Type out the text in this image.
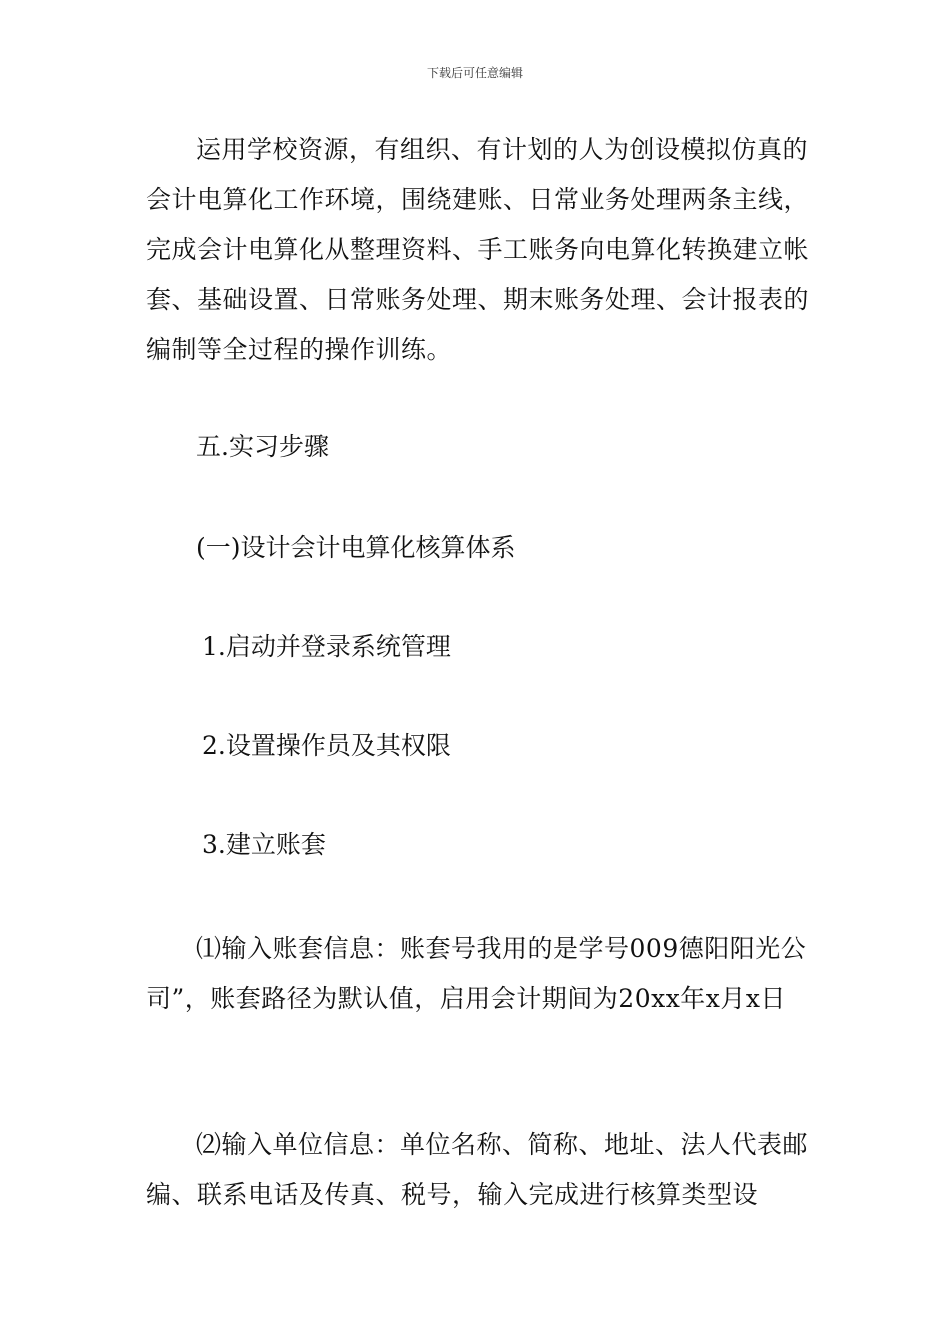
下载后可任意编辑

运用学校资源，有组织、有计划的人为创设模拟仿真的会计电算化工作环境，围绕建账、日常业务处理两条主线，完成会计电算化从整理资料、手工账务向电算化转换建立帐套、基础设置、日常账务处理、期末账务处理、会计报表的编制等全过程的操作训练。

五.实习步骤

(一)设计会计电算化核算体系

1.启动并登录系统管理

2.设置操作员及其权限

3.建立账套

⑴输入账套信息：账套号我用的是学号009德阳阳光公司”，账套路径为默认值，启用会计期间为20xx年x月x日

⑵输入单位信息：单位名称、简称、地址、法人代表邮编、联系电话及传真、税号，输入完成进行核算类型设
